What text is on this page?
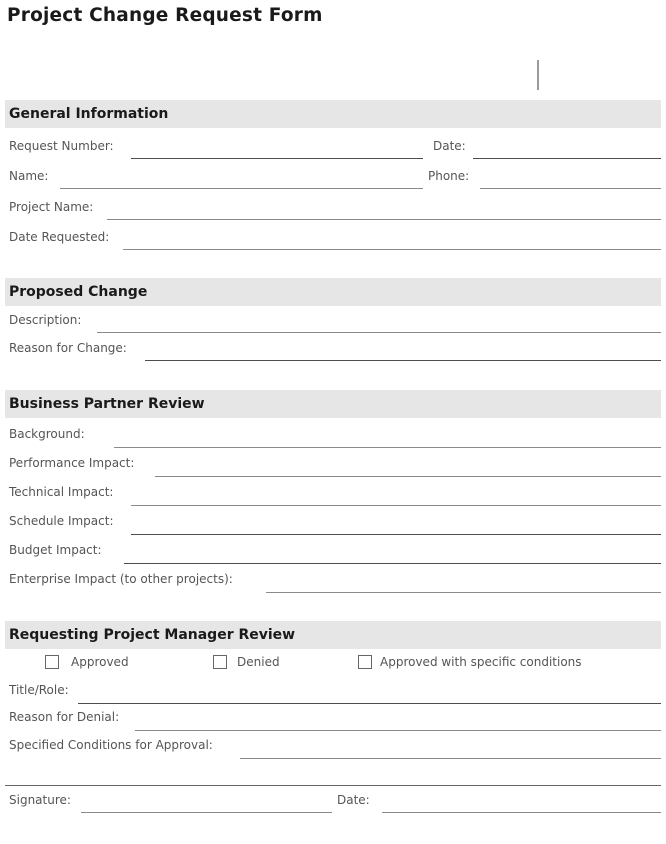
Project Change Request Form
General Information
Request Number:	Date:
Name:	Phone:
Project Name:
Date Requested:
Proposed Change
Description:
Reason for Change:
Business Partner Review
Background:
Performance Impact:
Technical Impact:
Schedule Impact:
Budget Impact:
Enterprise Impact (to other projects):
Requesting Project Manager Review
Approved	Denied	Approved with specific conditions
Title/Role:
Reason for Denial:
Specified Conditions for Approval:
Signature:	Date:
